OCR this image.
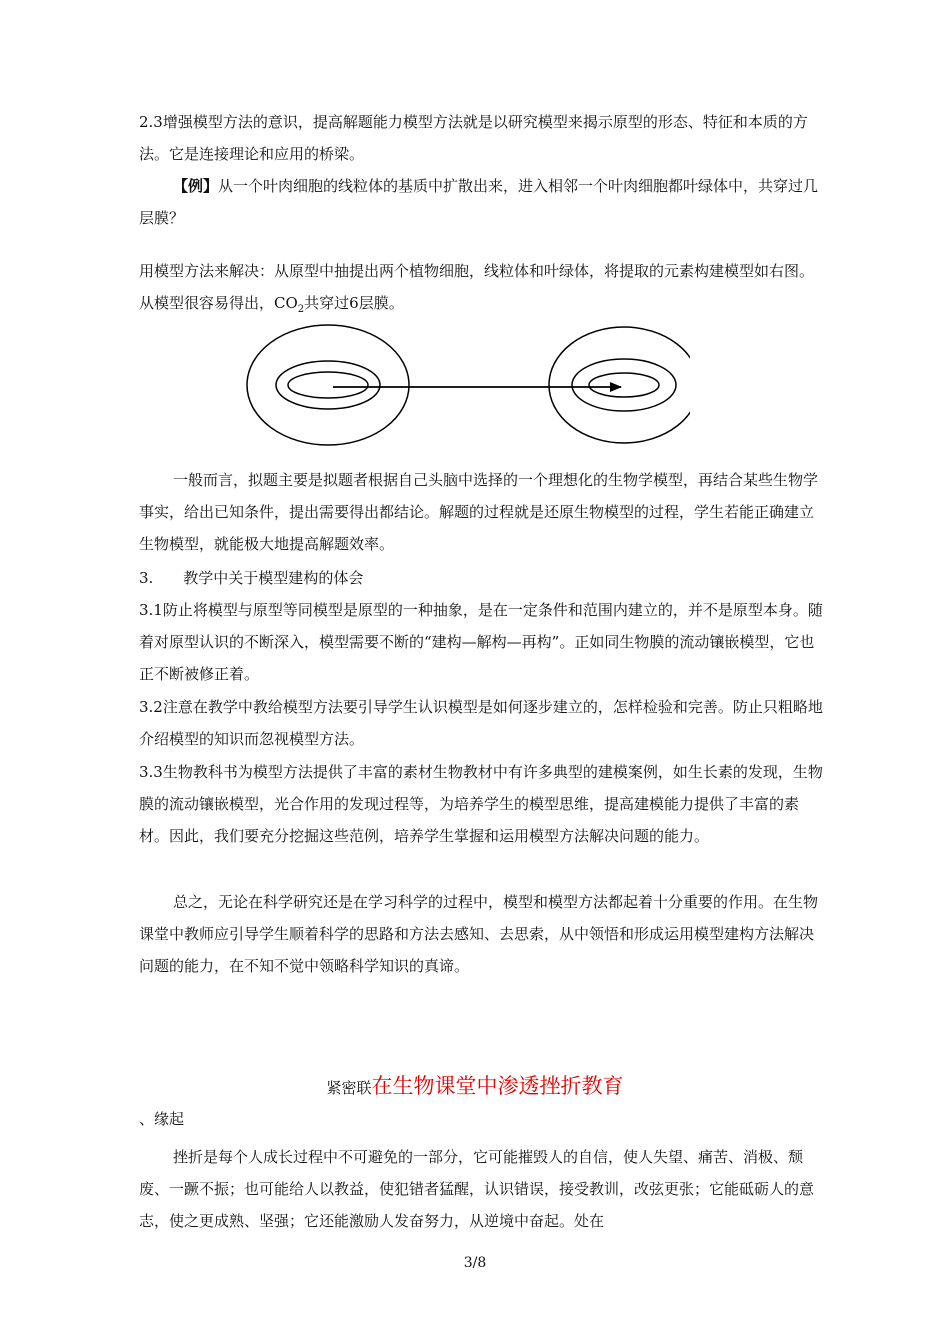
2.3增强模型方法的意识，提高解题能力模型方法就是以研究模型来揭示原型的形态、特征和本质的方法。它是连接理论和应用的桥梁。

【例】从一个叶肉细胞的线粒体的基质中扩散出来，进入相邻一个叶肉细胞都叶绿体中，共穿过几层膜？

用模型方法来解决：从原型中抽提出两个植物细胞，线粒体和叶绿体，将提取的元素构建模型如右图。从模型很容易得出，$CO_2$共穿过6层膜。

一般而言，拟题主要是拟题者根据自己头脑中选择的一个理想化的生物学模型，再结合某些生物学事实，给出已知条件，提出需要得出都结论。解题的过程就是还原生物模型的过程，学生若能正确建立生物模型，就能极大地提高解题效率。

3.　　教学中关于模型建构的体会

3.1防止将模型与原型等同模型是原型的一种抽象，是在一定条件和范围内建立的，并不是原型本身。随着对原型认识的不断深入，模型需要不断的“建构—解构—再构”。正如同生物膜的流动镶嵌模型，它也正不断被修正着。

3.2注意在教学中教给模型方法要引导学生认识模型是如何逐步建立的，怎样检验和完善。防止只粗略地介绍模型的知识而忽视模型方法。

3.3生物教科书为模型方法提供了丰富的素材生物教材中有许多典型的建模案例，如生长素的发现，生物膜的流动镶嵌模型，光合作用的发现过程等，为培养学生的模型思维，提高建模能力提供了丰富的素材。因此，我们要充分挖掘这些范例，培养学生掌握和运用模型方法解决问题的能力。

总之，无论在科学研究还是在学习科学的过程中，模型和模型方法都起着十分重要的作用。在生物课堂中教师应引导学生顺着科学的思路和方法去感知、去思索，从中领悟和形成运用模型建构方法解决问题的能力，在不知不觉中领略科学知识的真谛。

紧密联在生物课堂中渗透挫折教育
、缘起

挫折是每个人成长过程中不可避免的一部分，它可能摧毁人的自信，使人失望、痛苦、消极、颓废、一蹶不振；也可能给人以教益，使犯错者猛醒，认识错误，接受教训，改弦更张；它能砥砺人的意志，使之更成熟、坚强；它还能激励人发奋努力，从逆境中奋起。处在

3/8
